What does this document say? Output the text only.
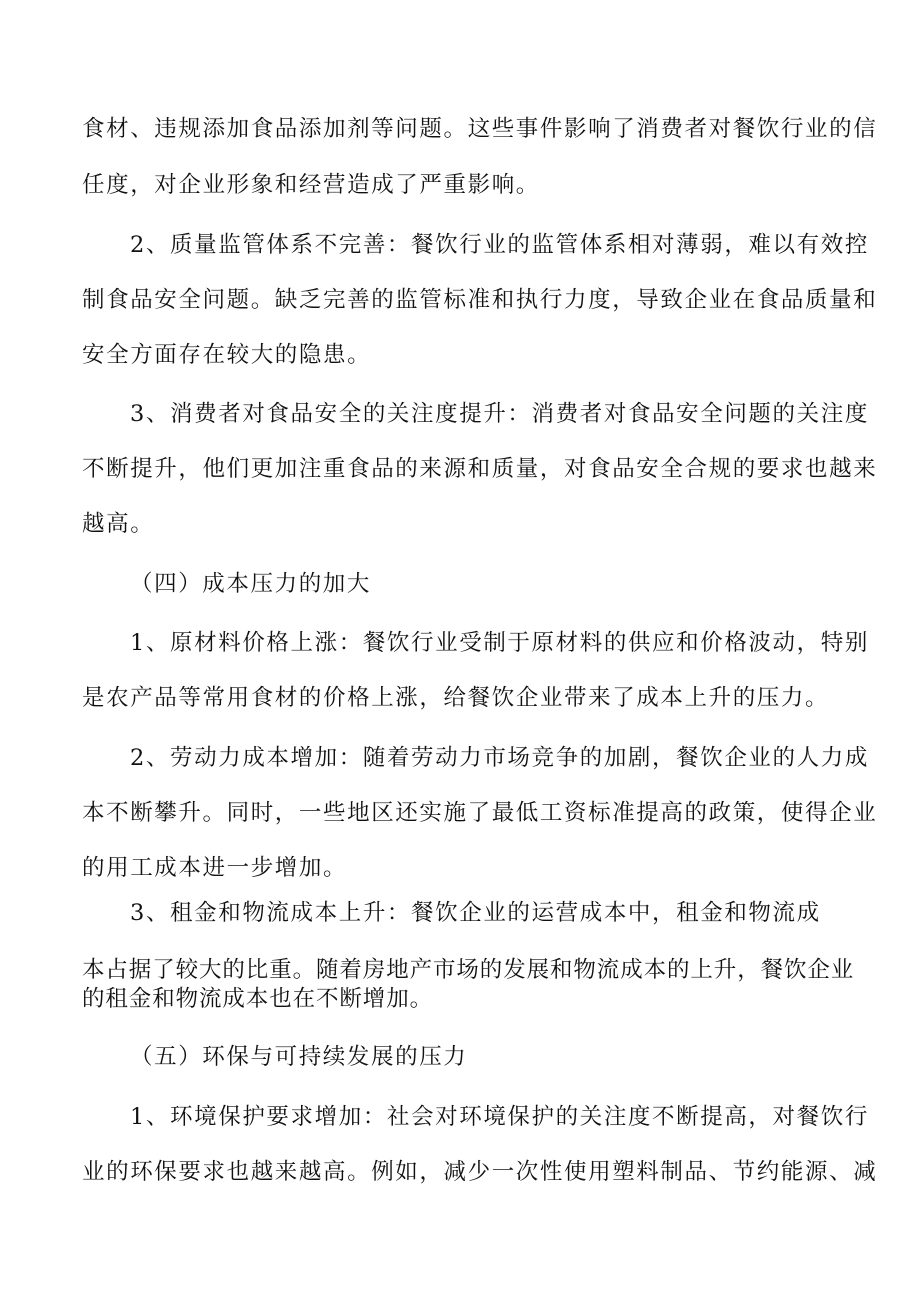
食材、违规添加食品添加剂等问题。这些事件影响了消费者对餐饮行业的信
任度，对企业形象和经营造成了严重影响。
2、质量监管体系不完善：餐饮行业的监管体系相对薄弱，难以有效控
制食品安全问题。缺乏完善的监管标准和执行力度，导致企业在食品质量和
安全方面存在较大的隐患。
3、消费者对食品安全的关注度提升：消费者对食品安全问题的关注度
不断提升，他们更加注重食品的来源和质量，对食品安全合规的要求也越来
越高。
（四）成本压力的加大
1、原材料价格上涨：餐饮行业受制于原材料的供应和价格波动，特别
是农产品等常用食材的价格上涨，给餐饮企业带来了成本上升的压力。
2、劳动力成本增加：随着劳动力市场竞争的加剧，餐饮企业的人力成
本不断攀升。同时，一些地区还实施了最低工资标准提高的政策，使得企业
的用工成本进一步增加。
3、租金和物流成本上升：餐饮企业的运营成本中，租金和物流成
本占据了较大的比重。随着房地产市场的发展和物流成本的上升，餐饮企业
的租金和物流成本也在不断增加。
（五）环保与可持续发展的压力
1、环境保护要求增加：社会对环境保护的关注度不断提高，对餐饮行
业的环保要求也越来越高。例如，减少一次性使用塑料制品、节约能源、减
